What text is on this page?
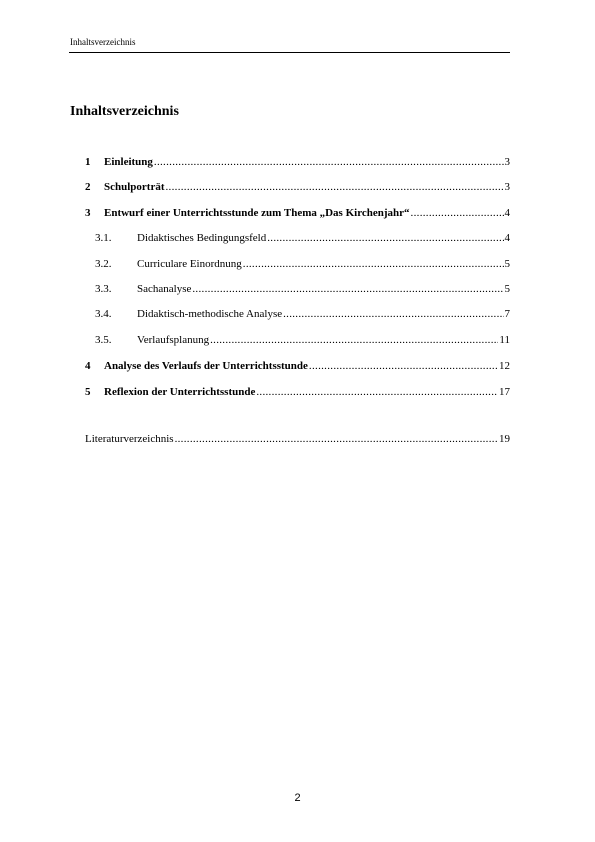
Inhaltsverzeichnis
Inhaltsverzeichnis
1	Einleitung .....	3
2	Schulporträt .....	3
3	Entwurf einer Unterrichtsstunde zum Thema „Das Kirchenjahr“ .....	4
3.1.	Didaktisches Bedingungsfeld .....	4
3.2.	Curriculare Einordnung .....	5
3.3.	Sachanalyse .....	5
3.4.	Didaktisch-methodische Analyse .....	7
3.5.	Verlaufsplanung .....	11
4	Analyse des Verlaufs der Unterrichtsstunde .....	12
5	Reflexion der Unterrichtsstunde .....	17
Literaturverzeichnis .....	19
2
